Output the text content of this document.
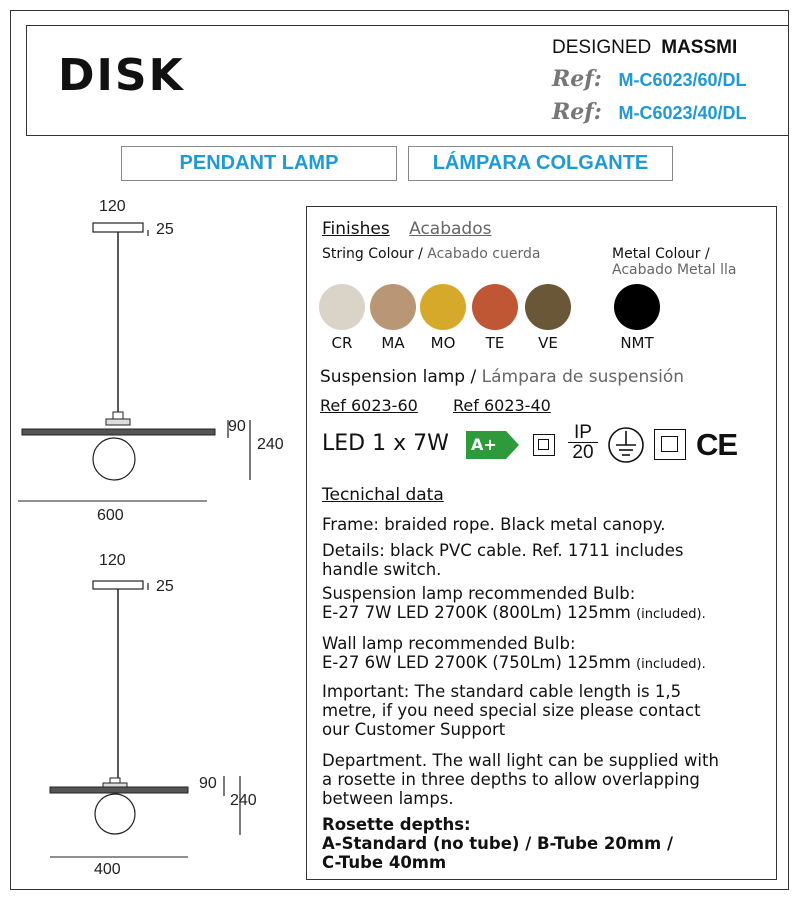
DISK
DESIGNED MASSMI
Ref: M-C6023/60/DL
Ref: M-C6023/40/DL
PENDANT LAMP	LÁMPARA COLGANTE
120
25
90
240
600
120
25
90
240
400
Finishes Acabados
String Colour / Acabado cuerda	Metal Colour /
Acabado Metal lla
CR	MA	MO	TE	VE	NMT
Suspension lamp / Lámpara de suspensión
Ref 6023-60 Ref 6023-40
LED 1 x 7W A+
IP
20	CE
Tecnichal data
Frame: braided rope. Black metal canopy.
Details: black PVC cable. Ref. 1711 includes
handle switch.
Suspension lamp recommended Bulb:
E-27 7W LED 2700K (800Lm) 125mm (included).
Wall lamp recommended Bulb:
E-27 6W LED 2700K (750Lm) 125mm (included).
Important: The standard cable length is 1,5
metre, if you need special size please contact
our Customer Support
Department. The wall light can be supplied with
a rosette in three depths to allow overlapping
between lamps.
Rosette depths:
A-Standard (no tube) / B-Tube 20mm /
C-Tube 40mm
